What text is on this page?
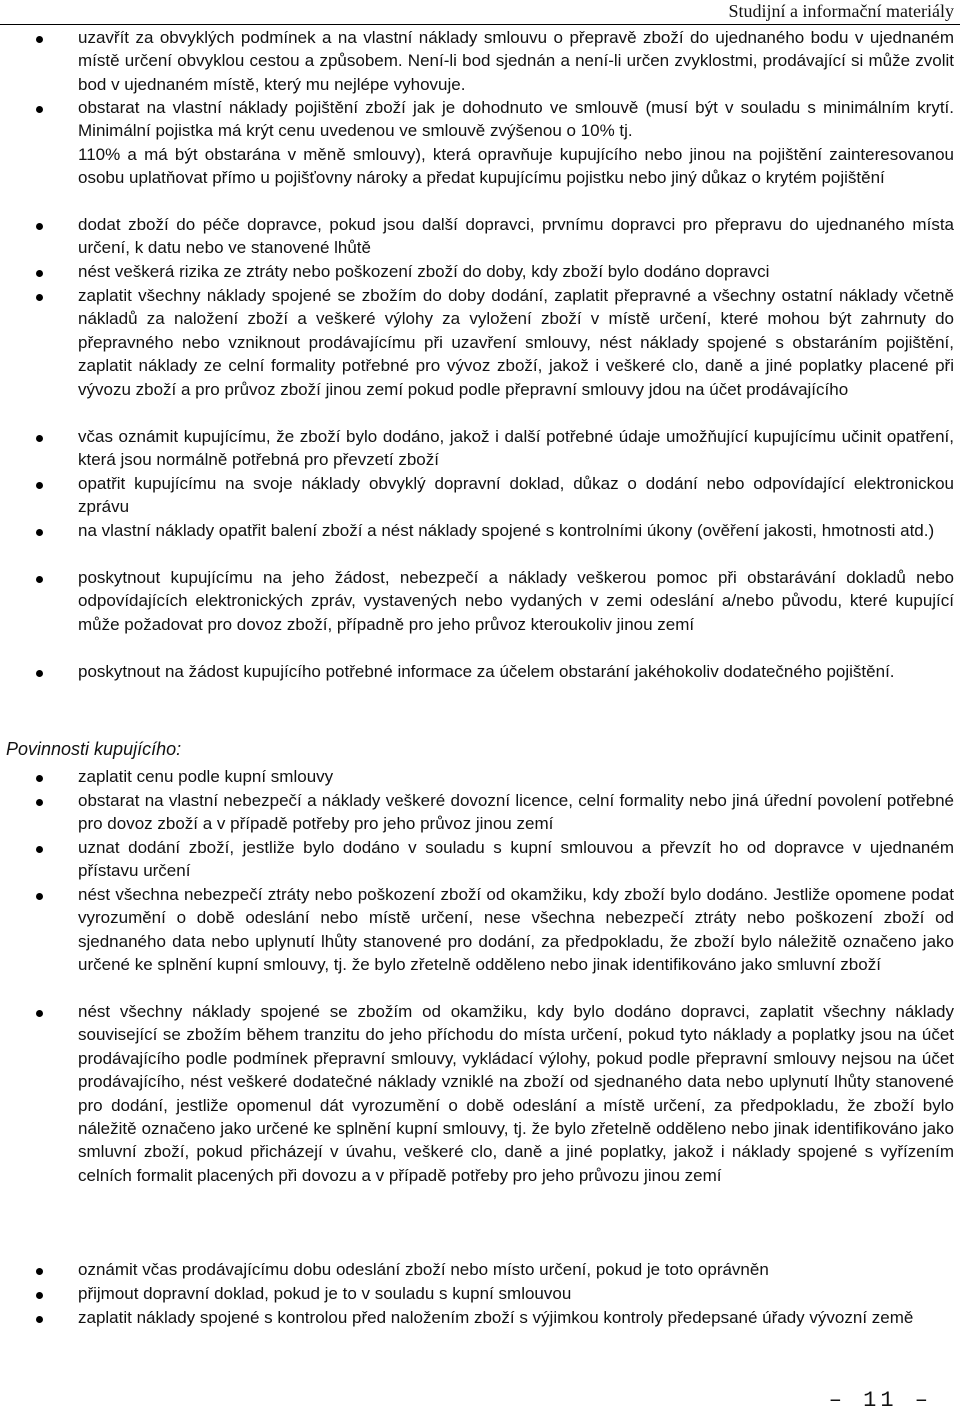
Studijní a informační materiály
uzavřít za obvyklých podmínek a na vlastní náklady smlouvu o přepravě zboží do ujednaného bodu v ujednaném místě určení obvyklou cestou a způsobem. Není-li bod sjednán a není-li určen zvyklostmi, prodávající si může zvolit bod v ujednaném místě, který mu nejlépe vyhovuje.
obstarat na vlastní náklady pojištění zboží jak je dohodnuto ve smlouvě (musí být v souladu s minimálním krytí. Minimální pojistka má krýt cenu uvedenou ve smlouvě zvýšenou o 10% tj.
110% a má být obstarána v měně smlouvy), která opravňuje kupujícího nebo jinou na pojištění zainteresovanou osobu uplatňovat přímo u pojišťovny nároky a předat kupujícímu pojistku nebo jiný důkaz o krytém pojištění
dodat zboží do péče dopravce, pokud jsou další dopravci, prvnímu dopravci pro přepravu do ujednaného místa určení, k datu nebo ve stanovené lhůtě
nést veškerá rizika ze ztráty nebo poškození zboží do doby, kdy zboží bylo dodáno dopravci
zaplatit všechny náklady spojené se zbožím do doby dodání, zaplatit přepravné a všechny ostatní náklady včetně nákladů za naložení zboží a veškeré výlohy za vyložení zboží v místě určení, které mohou být zahrnuty do přepravného nebo vzniknout prodávajícímu při uzavření smlouvy, nést náklady spojené s obstaráním pojištění, zaplatit náklady ze celní formality potřebné pro vývoz zboží, jakož i veškeré clo, daně a jiné poplatky placené při vývozu zboží a pro průvoz zboží jinou zemí pokud podle přepravní smlouvy jdou na účet prodávajícího
včas oznámit kupujícímu, že zboží bylo dodáno, jakož i další potřebné údaje umožňující kupujícímu učinit opatření, která jsou normálně potřebná pro převzetí zboží
opatřit kupujícímu na svoje náklady obvyklý dopravní doklad, důkaz o dodání nebo odpovídající elektronickou zprávu
na vlastní náklady opatřit balení zboží a nést náklady spojené s kontrolními úkony (ověření jakosti, hmotnosti atd.)
poskytnout kupujícímu na jeho žádost, nebezpečí a náklady veškerou pomoc při obstarávání dokladů nebo odpovídajících elektronických zpráv, vystavených nebo vydaných v zemi odeslání a/nebo původu, které kupující může požadovat pro dovoz zboží, případně pro jeho průvoz kteroukoliv jinou zemí
poskytnout na žádost kupujícího potřebné informace za účelem obstarání jakéhokoliv dodatečného pojištění.
Povinnosti kupujícího:
zaplatit cenu podle kupní smlouvy
obstarat na vlastní nebezpečí a náklady veškeré dovozní licence, celní formality nebo jiná úřední povolení potřebné pro dovoz zboží a v případě potřeby pro jeho průvoz jinou zemí
uznat dodání zboží, jestliže bylo dodáno v souladu s kupní smlouvou a převzít ho od dopravce v ujednaném přístavu určení
nést všechna nebezpečí ztráty nebo poškození zboží od okamžiku, kdy zboží bylo dodáno. Jestliže opomene podat vyrozumění o době odeslání nebo místě určení, nese všechna nebezpečí ztráty nebo poškození zboží od sjednaného data nebo uplynutí lhůty stanovené pro dodání, za předpokladu, že zboží bylo náležitě označeno jako určené ke splnění kupní smlouvy, tj. že bylo zřetelně odděleno nebo jinak identifikováno jako smluvní zboží
nést všechny náklady spojené se zbožím od okamžiku, kdy bylo dodáno dopravci, zaplatit všechny náklady související se zbožím během tranzitu do jeho příchodu do místa určení, pokud tyto náklady a poplatky jsou na účet prodávajícího podle podmínek přepravní smlouvy, vykládací výlohy, pokud podle přepravní smlouvy nejsou na účet prodávajícího, nést veškeré dodatečné náklady vzniklé na zboží od sjednaného data nebo uplynutí lhůty stanovené pro dodání, jestliže opomenul dát vyrozumění o době odeslání a místě určení, za předpokladu, že zboží bylo náležitě označeno jako určené ke splnění kupní smlouvy, tj. že bylo zřetelně odděleno nebo jinak identifikováno jako smluvní zboží, pokud přicházejí v úvahu, veškeré clo, daně a jiné poplatky, jakož i náklady spojené s vyřízením celních formalit placených při dovozu a v případě potřeby pro jeho průvozu jinou zemí
oznámit včas prodávajícímu dobu odeslání zboží nebo místo určení, pokud je toto oprávněn
přijmout dopravní doklad, pokud je to v souladu s kupní smlouvou
zaplatit náklady spojené s kontrolou před naložením zboží s výjimkou kontroly předepsané úřady vývozní země
– 11 –
